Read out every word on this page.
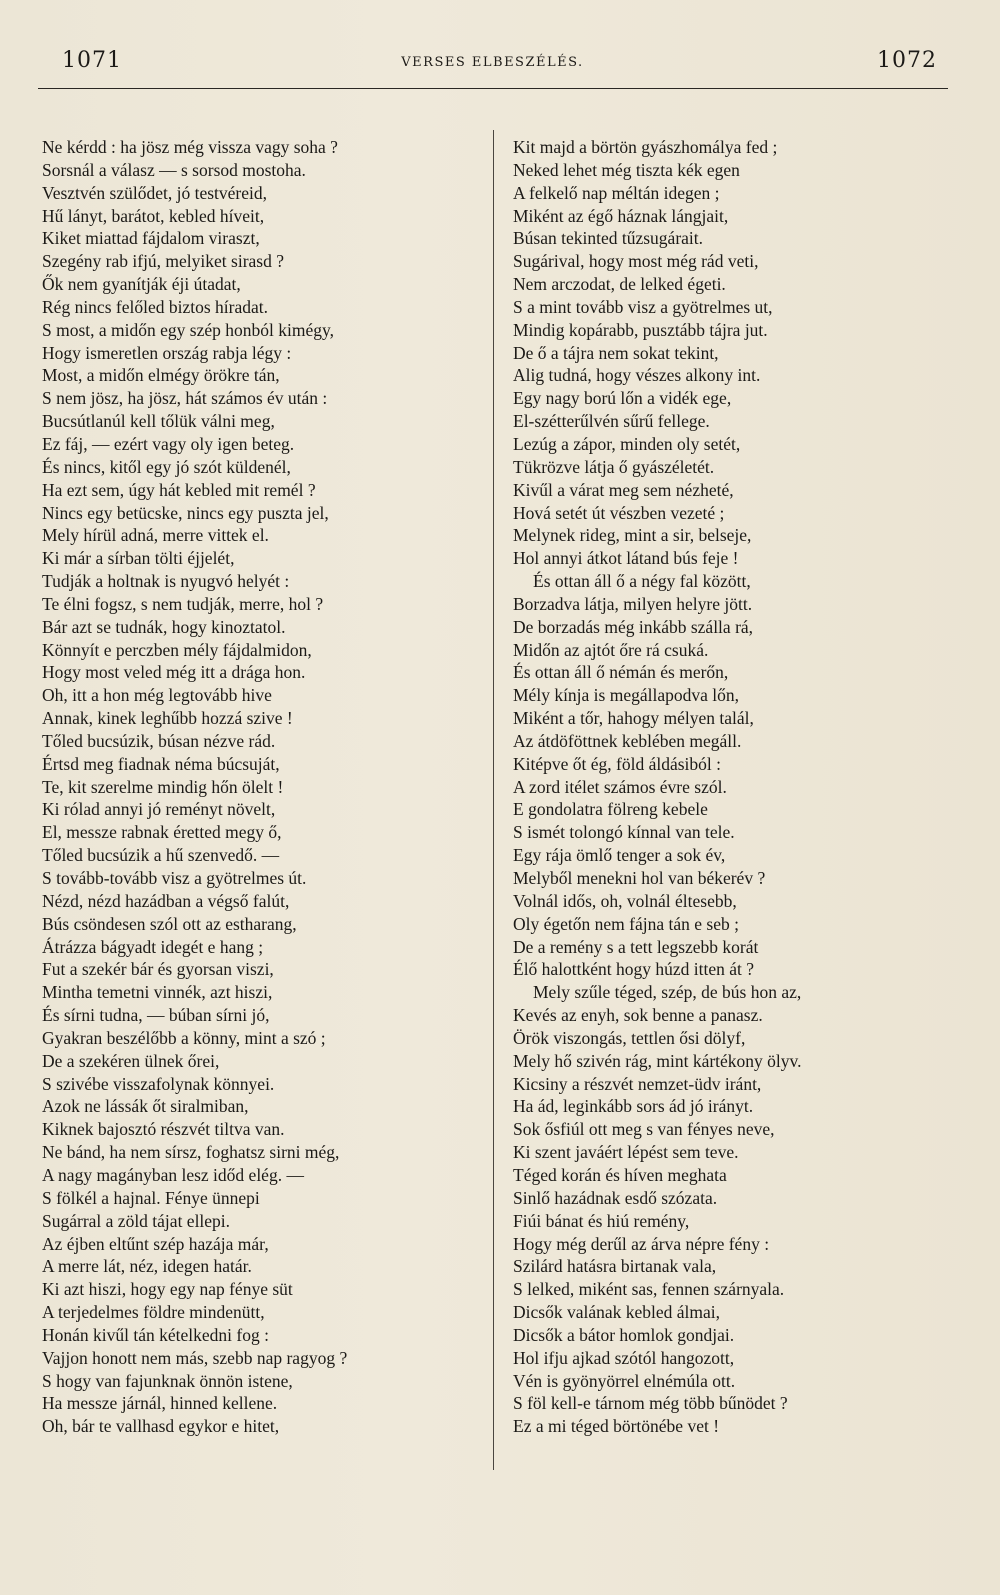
1071	VERSES ELBESZÉLÉS.	1072
Ne kérdd : ha jösz még vissza vagy soha ?
Sorsnál a válasz — s sorsod mostoha.
Vesztvén szülődet, jó testvéreid,
Hű lányt, barátot, kebled híveit,
Kiket miattad fájdalom viraszt,
Szegény rab ifjú, melyiket sirasd ?
Ők nem gyanítják éji útadat,
Rég nincs felőled biztos híradat.
S most, a midőn egy szép honból kimégy,
Hogy ismeretlen ország rabja légy :
Most, a midőn elmégy örökre tán,
S nem jösz, ha jösz, hát számos év után :
Bucsútlanúl kell tőlük válni meg,
Ez fáj, — ezért vagy oly igen beteg.
És nincs, kitől egy jó szót küldenél,
Ha ezt sem, úgy hát kebled mit remél ?
Nincs egy betücske, nincs egy puszta jel,
Mely hírül adná, merre vittek el.
Ki már a sírban tölti éjjelét,
Tudják a holtnak is nyugvó helyét :
Te élni fogsz, s nem tudják, merre, hol ?
Bár azt se tudnák, hogy kinoztatol.
Könnyít e perczben mély fájdalmidon,
Hogy most veled még itt a drága hon.
Oh, itt a hon még legtovább hive
Annak, kinek leghűbb hozzá szive !
Tőled bucsúzik, búsan nézve rád.
Értsd meg fiadnak néma búcsuját,
Te, kit szerelme mindig hőn ölelt !
Ki rólad annyi jó reményt növelt,
El, messze rabnak éretted megy ő,
Tőled bucsúzik a hű szenvedő. —
S tovább-tovább visz a gyötrelmes út.
Nézd, nézd hazádban a végső falút,
Bús csöndesen szól ott az estharang,
Átrázza bágyadt idegét e hang ;
Fut a szekér bár és gyorsan viszi,
Mintha temetni vinnék, azt hiszi,
És sírni tudna, — búban sírni jó,
Gyakran beszélőbb a könny, mint a szó ;
De a szekéren ülnek őrei,
S szivébe visszafolynak könnyei.
Azok ne lássák őt siralmiban,
Kiknek bajosztó részvét tiltva van.
Ne bánd, ha nem sírsz, foghatsz sirni még,
A nagy magányban lesz időd elég. —
S fölkél a hajnal. Fénye ünnepi
Sugárral a zöld tájat ellepi.
Az éjben eltűnt szép hazája már,
A merre lát, néz, idegen határ.
Ki azt hiszi, hogy egy nap fénye süt
A terjedelmes földre mindenütt,
Honán kivűl tán kételkedni fog :
Vajjon honott nem más, szebb nap ragyog ?
S hogy van fajunknak önnön istene,
Ha messze járnál, hinned kellene.
Oh, bár te vallhasd egykor e hitet,
Kit majd a börtön gyászhomálya fed ;
Neked lehet még tiszta kék egen
A felkelő nap méltán idegen ;
Miként az égő háznak lángjait,
Búsan tekinted tűzsugárait.
Sugárival, hogy most még rád veti,
Nem arczodat, de lelked égeti.
S a mint tovább visz a gyötrelmes ut,
Mindig kopárabb, pusztább tájra jut.
De ő a tájra nem sokat tekint,
Alig tudná, hogy vészes alkony int.
Egy nagy ború lőn a vidék ege,
El-szétterűlvén sűrű fellege.
Lezúg a zápor, minden oly setét,
Tükrözve látja ő gyászéletét.
Kivűl a várat meg sem nézheté,
Hová setét út vészben vezeté ;
Melynek rideg, mint a sir, belseje,
Hol annyi átkot látand bús feje !
És ottan áll ő a négy fal között,
Borzadva látja, milyen helyre jött.
De borzadás még inkább szálla rá,
Midőn az ajtót őre rá csuká.
És ottan áll ő némán és merőn,
Mély kínja is megállapodva lőn,
Miként a tőr, hahogy mélyen talál,
Az átdöföttnek keblében megáll.
Kitépve őt ég, föld áldásiból :
A zord itélet számos évre szól.
E gondolatra fölreng kebele
S ismét tolongó kínnal van tele.
Egy rája ömlő tenger a sok év,
Melyből menekni hol van békerév ?
Volnál idős, oh, volnál éltesebb,
Oly égetőn nem fájna tán e seb ;
De a remény s a tett legszebb korát
Élő halottként hogy húzd itten át ?
Mely szűle téged, szép, de bús hon az,
Kevés az enyh, sok benne a panasz.
Örök viszongás, tettlen ősi dölyf,
Mely hő szivén rág, mint kártékony ölyv.
Kicsiny a részvét nemzet-üdv iránt,
Ha ád, leginkább sors ád jó irányt.
Sok ősfiúl ott meg s van fényes neve,
Ki szent javáért lépést sem teve.
Téged korán és híven meghata
Sinlő hazádnak esdő szózata.
Fiúi bánat és hiú remény,
Hogy még derűl az árva népre fény :
Szilárd hatásra birtanak vala,
S lelked, miként sas, fennen szárnyala.
Dicsők valának kebled álmai,
Dicsők a bátor homlok gondjai.
Hol ifju ajkad szótól hangozott,
Vén is gyönyörrel elnémúla ott.
S föl kell-e tárnom még több bűnödet ?
Ez a mi téged börtönébe vet !
